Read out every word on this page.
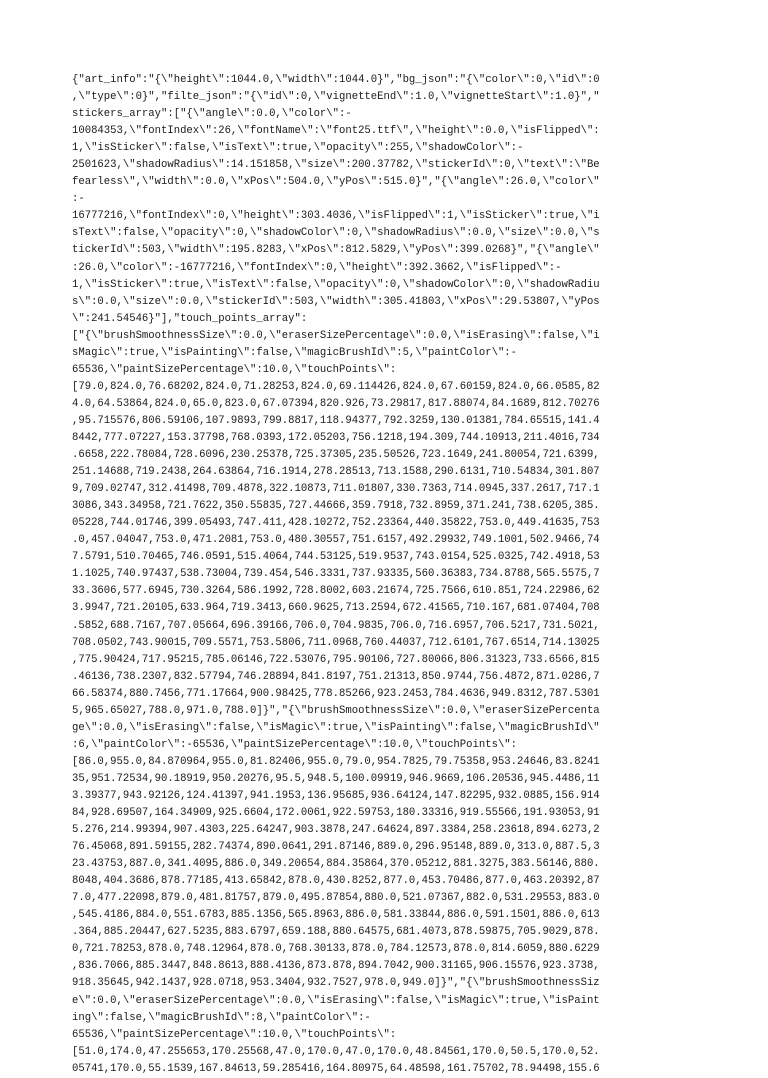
{"art_info":"{\"height\":1044.0,\"width\":1044.0}","bg_json":"{\"color\":0,\"id\":0
,\"type\":0}","filte_json":"{\"id\":0,\"vignetteEnd\":1.0,\"vignetteStart\":1.0}","
stickers_array":["{\"angle\":0.0,\"color\":-
10084353,\"fontIndex\":26,\"fontName\":\"font25.ttf\",\"height\":0.0,\"isFlipped\":
1,\"isSticker\":false,\"isText\":true,\"opacity\":255,\"shadowColor\":-
2501623,\"shadowRadius\":14.151858,\"size\":200.37782,\"stickerId\":0,\"text\":\"Be
fearless\",\"width\":0.0,\"xPos\":504.0,\"yPos\":515.0}","{\"angle\":26.0,\"color\"
:-
16777216,\"fontIndex\":0,\"height\":303.4036,\"isFlipped\":1,\"isSticker\":true,\"i
sText\":false,\"opacity\":0,\"shadowColor\":0,\"shadowRadius\":0.0,\"size\":0.0,\"s
tickerId\":503,\"width\":195.8283,\"xPos\":812.5829,\"yPos\":399.0268}","{\"angle\"
:26.0,\"color\":-16777216,\"fontIndex\":0,\"height\":392.3662,\"isFlipped\":-
1,\"isSticker\":true,\"isText\":false,\"opacity\":0,\"shadowColor\":0,\"shadowRadiu
s\":0.0,\"size\":0.0,\"stickerId\":503,\"width\":305.41803,\"xPos\":29.53807,\"yPos
\":241.54546}"],"touch_points_array":
["{\"brushSmoothnessSize\":0.0,\"eraserSizePercentage\":0.0,\"isErasing\":false,\"i
sMagic\":true,\"isPainting\":false,\"magicBrushId\":5,\"paintColor\":-
65536,\"paintSizePercentage\":10.0,\"touchPoints\":
[79.0,824.0,76.68202,824.0,71.28253,824.0,69.114426,824.0,67.60159,824.0,66.0585,82
4.0,64.53864,824.0,65.0,823.0,67.07394,820.926,73.29817,817.88074,84.1689,812.70276
,95.715576,806.59106,107.9893,799.8817,118.94377,792.3259,130.01381,784.65515,141.4
8442,777.07227,153.37798,768.0393,172.05203,756.1218,194.309,744.10913,211.4016,734
.6658,222.78084,728.6096,230.25378,725.37305,235.50526,723.1649,241.80054,721.6399,
251.14688,719.2438,264.63864,716.1914,278.28513,713.1588,290.6131,710.54834,301.807
9,709.02747,312.41498,709.4878,322.10873,711.01807,330.7363,714.0945,337.2617,717.1
3086,343.34958,721.7622,350.55835,727.44666,359.7918,732.8959,371.241,738.6205,385.
05228,744.01746,399.05493,747.411,428.10272,752.23364,440.35822,753.0,449.41635,753
.0,457.04047,753.0,471.2081,753.0,480.30557,751.6157,492.29932,749.1001,502.9466,74
7.5791,510.70465,746.0591,515.4064,744.53125,519.9537,743.0154,525.0325,742.4918,53
1.1025,740.97437,538.73004,739.454,546.3331,737.93335,560.36383,734.8788,565.5575,7
33.3606,577.6945,730.3264,586.1992,728.8002,603.21674,725.7566,610.851,724.22986,62
3.9947,721.20105,633.964,719.3413,660.9625,713.2594,672.41565,710.167,681.07404,708
.5852,688.7167,707.05664,696.39166,706.0,704.9835,706.0,716.6957,706.5217,731.5021,
708.0502,743.90015,709.5571,753.5806,711.0968,760.44037,712.6101,767.6514,714.13025
,775.90424,717.95215,785.06146,722.53076,795.90106,727.80066,806.31323,733.6566,815
.46136,738.2307,832.57794,746.28894,841.8197,751.21313,850.9744,756.4872,871.0286,7
66.58374,880.7456,771.17664,900.98425,778.85266,923.2453,784.4636,949.8312,787.5301
5,965.65027,788.0,971.0,788.0]}","{\"brushSmoothnessSize\":0.0,\"eraserSizePercenta
ge\":0.0,\"isErasing\":false,\"isMagic\":true,\"isPainting\":false,\"magicBrushId\"
:6,\"paintColor\":-65536,\"paintSizePercentage\":10.0,\"touchPoints\":
[86.0,955.0,84.870964,955.0,81.82406,955.0,79.0,954.7825,79.75358,953.24646,83.8241
35,951.72534,90.18919,950.20276,95.5,948.5,100.09919,946.9669,106.20536,945.4486,11
3.39377,943.92126,124.41397,941.1953,136.95685,936.64124,147.82295,932.0885,156.914
84,928.69507,164.34909,925.6604,172.0061,922.59753,180.33316,919.55566,191.93053,91
5.276,214.99394,907.4303,225.64247,903.3878,247.64624,897.3384,258.23618,894.6273,2
76.45068,891.59155,282.74374,890.0641,291.87146,889.0,296.95148,889.0,313.0,887.5,3
23.43753,887.0,341.4095,886.0,349.20654,884.35864,370.05212,881.3275,383.56146,880.
8048,404.3686,878.77185,413.65842,878.0,430.8252,877.0,453.70486,877.0,463.20392,87
7.0,477.22098,879.0,481.81757,879.0,495.87854,880.0,521.07367,882.0,531.29553,883.0
,545.4186,884.0,551.6783,885.1356,565.8963,886.0,581.33844,886.0,591.1501,886.0,613
.364,885.20447,627.5235,883.6797,659.188,880.64575,681.4073,878.59875,705.9029,878.
0,721.78253,878.0,748.12964,878.0,768.30133,878.0,784.12573,878.0,814.6059,880.6229
,836.7066,885.3447,848.8613,888.4136,873.878,894.7042,900.31165,906.15576,923.3738,
918.35645,942.1437,928.0718,953.3404,932.7527,978.0,949.0]}","{\"brushSmoothnessSiz
e\":0.0,\"eraserSizePercentage\":0.0,\"isErasing\":false,\"isMagic\":true,\"isPaint
ing\":false,\"magicBrushId\":8,\"paintColor\":-
65536,\"paintSizePercentage\":10.0,\"touchPoints\":
[51.0,174.0,47.255653,170.25568,47.0,170.0,47.0,170.0,48.84561,170.0,50.5,170.0,52.
05741,170.0,55.1539,167.84613,59.285416,164.80975,64.48598,161.75702,78.94498,155.6
